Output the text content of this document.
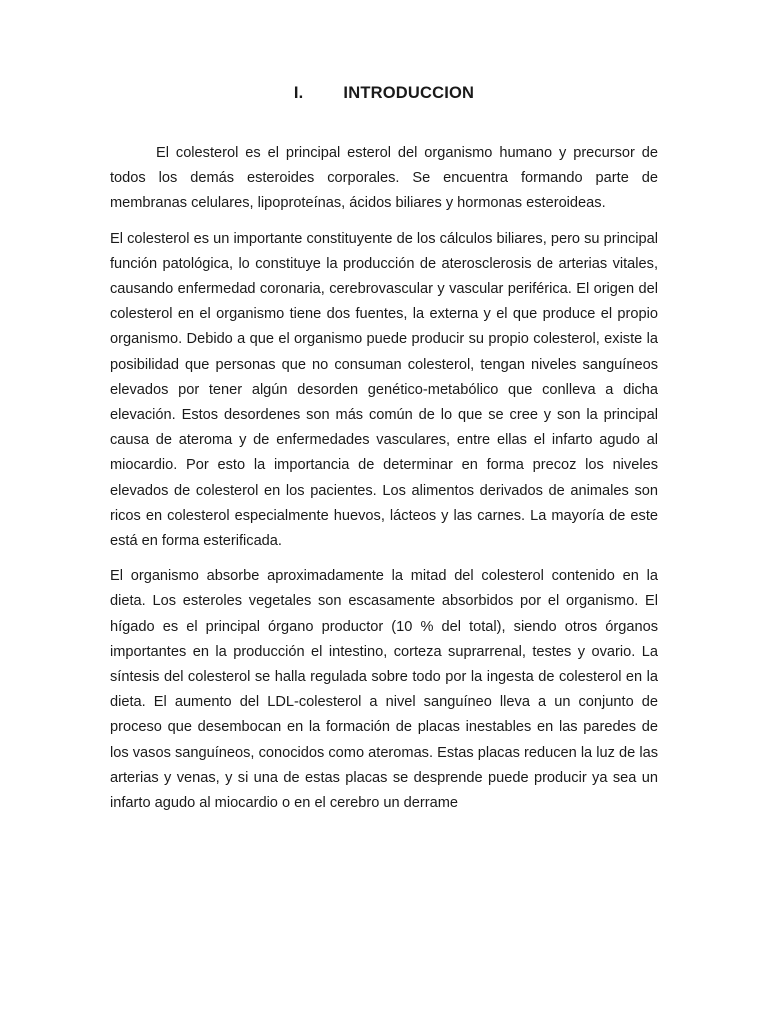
I. INTRODUCCION

El colesterol es el principal esterol del organismo humano y precursor de todos los demás esteroides corporales. Se encuentra formando parte de membranas celulares, lipoproteínas, ácidos biliares y hormonas esteroideas.

El colesterol es un importante constituyente de los cálculos biliares, pero su principal función patológica, lo constituye la producción de aterosclerosis de arterias vitales, causando enfermedad coronaria, cerebrovascular y vascular periférica. El origen del colesterol en el organismo tiene dos fuentes, la externa y el que produce el propio organismo. Debido a que el organismo puede producir su propio colesterol, existe la posibilidad que personas que no consuman colesterol, tengan niveles sanguíneos elevados por tener algún desorden genético-metabólico que conlleva a dicha elevación. Estos desordenes son más común de lo que se cree y son la principal causa de ateroma y de enfermedades vasculares, entre ellas el infarto agudo al miocardio. Por esto la importancia de determinar en forma precoz los niveles elevados de colesterol en los pacientes. Los alimentos derivados de animales son ricos en colesterol especialmente huevos, lácteos y las carnes. La mayoría de este está en forma esterificada.

El organismo absorbe aproximadamente la mitad del colesterol contenido en la dieta. Los esteroles vegetales son escasamente absorbidos por el organismo. El hígado es el principal órgano productor (10 % del total), siendo otros órganos importantes en la producción el intestino, corteza suprarrenal, testes y ovario. La síntesis del colesterol se halla regulada sobre todo por la ingesta de colesterol en la dieta. El aumento del LDL-colesterol a nivel sanguíneo lleva a un conjunto de proceso que desembocan en la formación de placas inestables en las paredes de los vasos sanguíneos, conocidos como ateromas. Estas placas reducen la luz de las arterias y venas, y si una de estas placas se desprende puede producir ya sea un infarto agudo al miocardio o en el cerebro un derrame
